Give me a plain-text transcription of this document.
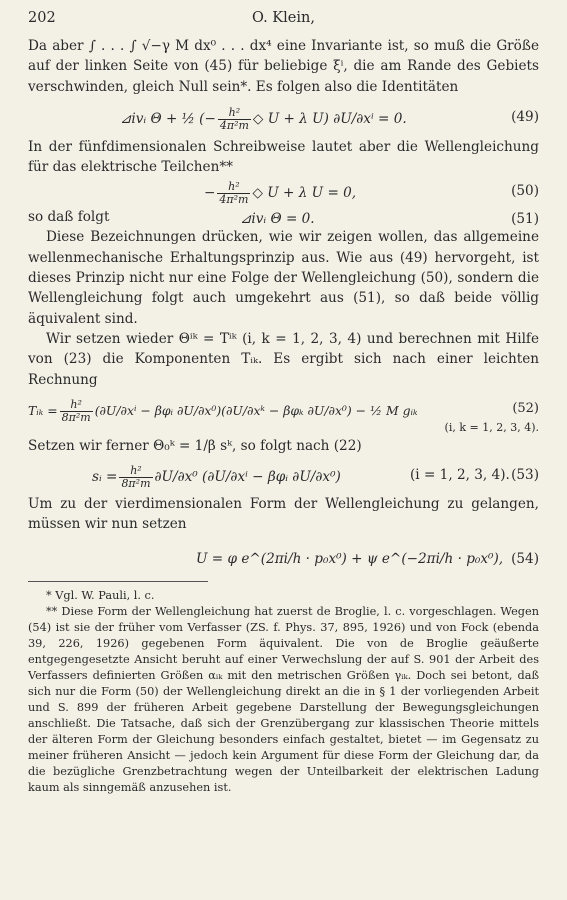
202	O. Klein,

Da aber ∫ . . . ∫ √−γ M dx⁰ . . . dx⁴ eine Invariante ist, so muß die Größe auf der linken Seite von (45) für beliebige ξⁱ, die am Rande des Gebiets verschwinden, gleich Null sein*. Es folgen also die Identitäten

⊿ivᵢ Θ + ½ (− $\frac{\text{h²}}{\text{4π²m}}$ ◇ U + λ U) ∂U/∂xⁱ = 0.	(49)

In der fünfdimensionalen Schreibweise lautet aber die Wellengleichung für das elektrische Teilchen**

− $\frac{\text{h²}}{\text{4π²m}}$ ◇ U + λ U = 0,	(50)
so daß folgt	⊿ivᵢ Θ = 0.	(51)

Diese Bezeichnungen drücken, wie wir zeigen wollen, das allgemeine wellenmechanische Erhaltungsprinzip aus. Wie aus (49) hervorgeht, ist dieses Prinzip nicht nur eine Folge der Wellengleichung (50), sondern die Wellengleichung folgt auch umgekehrt aus (51), so daß beide völlig äquivalent sind.

Wir setzen wieder Θⁱᵏ = Tⁱᵏ (i, k = 1, 2, 3, 4) und berechnen mit Hilfe von (23) die Komponenten Tᵢₖ. Es ergibt sich nach einer leichten Rechnung

Tᵢₖ = $\frac{\text{h²}}{\text{8π²m}} (\partial U/\partial x^i$ − βφᵢ ∂U/∂x⁰)(∂U/∂xᵏ − βφₖ ∂U/∂x⁰) − ½ M gᵢₖ
(i, k = 1, 2, 3, 4).
(52)

Setzen wir ferner Θ₀ᵏ = 1/β sᵏ, so folgt nach (22)

sᵢ = $\frac{\text{h²}}{\text{8π²m}} \partial U/\partial x^0$ (∂U/∂xⁱ − βφᵢ ∂U/∂x⁰)	(i = 1, 2, 3, 4). (53)

Um zu der vierdimensionalen Form der Wellengleichung zu gelangen, müssen wir nun setzen

U = φ e^(2πi/h · p₀x⁰) + ψ e^(−2πi/h · p₀x⁰), (54)

* Vgl. W. Pauli, l. c.

** Diese Form der Wellengleichung hat zuerst de Broglie, l. c. vorgeschlagen. Wegen (54) ist sie der früher vom Verfasser (ZS. f. Phys. 37, 895, 1926) und von Fock (ebenda 39, 226, 1926) gegebenen Form äquivalent. Die von de Broglie geäußerte entgegengesetzte Ansicht beruht auf einer Verwechslung der auf S. 901 der Arbeit des Verfassers definierten Größen αᵢₖ mit den metrischen Größen γᵢₖ. Doch sei betont, daß sich nur die Form (50) der Wellengleichung direkt an die in § 1 der vorliegenden Arbeit und S. 899 der früheren Arbeit gegebene Darstellung der Bewegungsgleichungen anschließt. Die Tatsache, daß sich der Grenzübergang zur klassischen Theorie mittels der älteren Form der Gleichung besonders einfach gestaltet, bietet — im Gegensatz zu meiner früheren Ansicht — jedoch kein Argument für diese Form der Gleichung dar, da die bezügliche Grenzbetrachtung wegen der Unteilbarkeit der elektrischen Ladung kaum als sinngemäß anzusehen ist.
